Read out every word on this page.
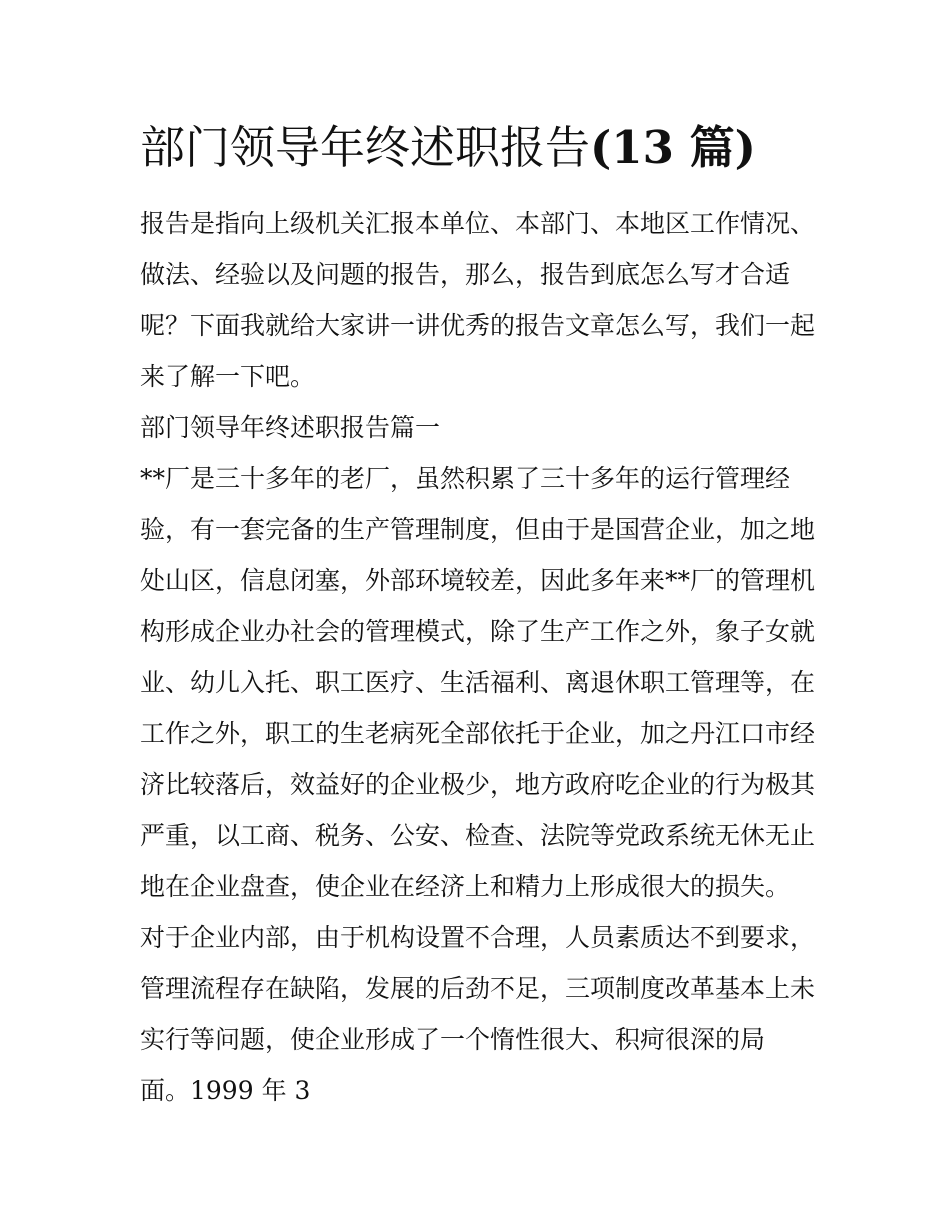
部门领导年终述职报告(13 篇)
报告是指向上级机关汇报本单位、本部门、本地区工作情况、
做法、经验以及问题的报告，那么，报告到底怎么写才合适
呢？下面我就给大家讲一讲优秀的报告文章怎么写，我们一起
来了解一下吧。
部门领导年终述职报告篇一
**厂是三十多年的老厂，虽然积累了三十多年的运行管理经
验，有一套完备的生产管理制度，但由于是国营企业，加之地
处山区，信息闭塞，外部环境较差，因此多年来**厂的管理机
构形成企业办社会的管理模式，除了生产工作之外，象子女就
业、幼儿入托、职工医疗、生活福利、离退休职工管理等，在
工作之外，职工的生老病死全部依托于企业，加之丹江口市经
济比较落后，效益好的企业极少，地方政府吃企业的行为极其
严重，以工商、税务、公安、检查、法院等党政系统无休无止
地在企业盘查，使企业在经济上和精力上形成很大的损失。
对于企业内部，由于机构设置不合理，人员素质达不到要求，
管理流程存在缺陷，发展的后劲不足，三项制度改革基本上未
实行等问题，使企业形成了一个惰性很大、积疴很深的局
面。1999 年 3
